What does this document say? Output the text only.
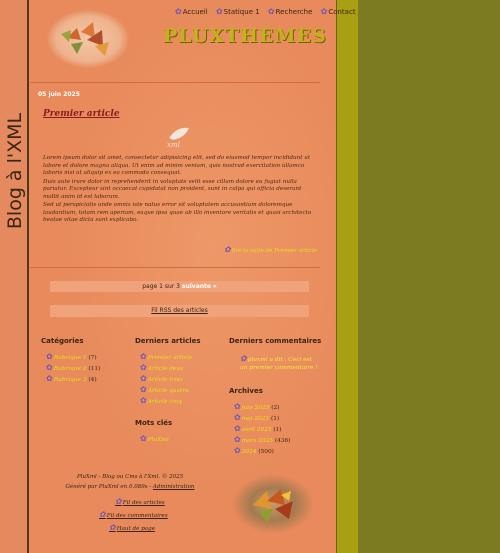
Blog à l'XML
✿Accueil ✿Statique 1 ✿Recherche ✿Contact
PLUXTHEMES
05 juin 2025
Premier article
xml

Lorem ipsum dolor sit amet, consectetur adipisicing elit, sed do eiusmod tempor incididunt ut labore et dolore magna aliqua. Ut enim ad minim veniam, quis nostrud exercitation ullamco laboris nisi ut aliquip ex ea commodo consequat.

Duis aute irure dolor in reprehenderit in voluptate velit esse cillum dolore eu fugiat nulla pariatur. Excepteur sint occaecat cupidatat non proident, sunt in culpa qui officia deserunt mollit anim id est laborum.

Sed ut perspiciatis unde omnis iste natus error sit voluptatem accusantium doloremque laudantium, totam rem aperiam, eaque ipsa quae ab illo inventore veritatis et quasi architecto beatae vitae dicta sunt explicabo.

✿lire la suite de Premier article
page 1 sur 3 suivante »
Fil RSS des articles
Catégories
✿Rubrique 1 (7)
✿Rubrique 2 (11)
✿Rubrique 3 (4)
Derniers articles
✿Premier article
✿Article deux
✿Article trois
✿Article quatre
✿Article cinq
Mots clés
✿PluXml
Derniers commentaires
✿pluxml a dit : Ceci est un premier commentaire !
Archives
✿juin 2025 (2)
✿mai 2025 (1)
✿avril 2025 (1)
✿mars 2025 (436)
✿2024 (500)
PluXml - Blog ou Cms à l'Xml. © 2025
Généré par PluXml en 0.089s - Administration
✿Fil des articles
✿Fil des commentaires
✿Haut de page
